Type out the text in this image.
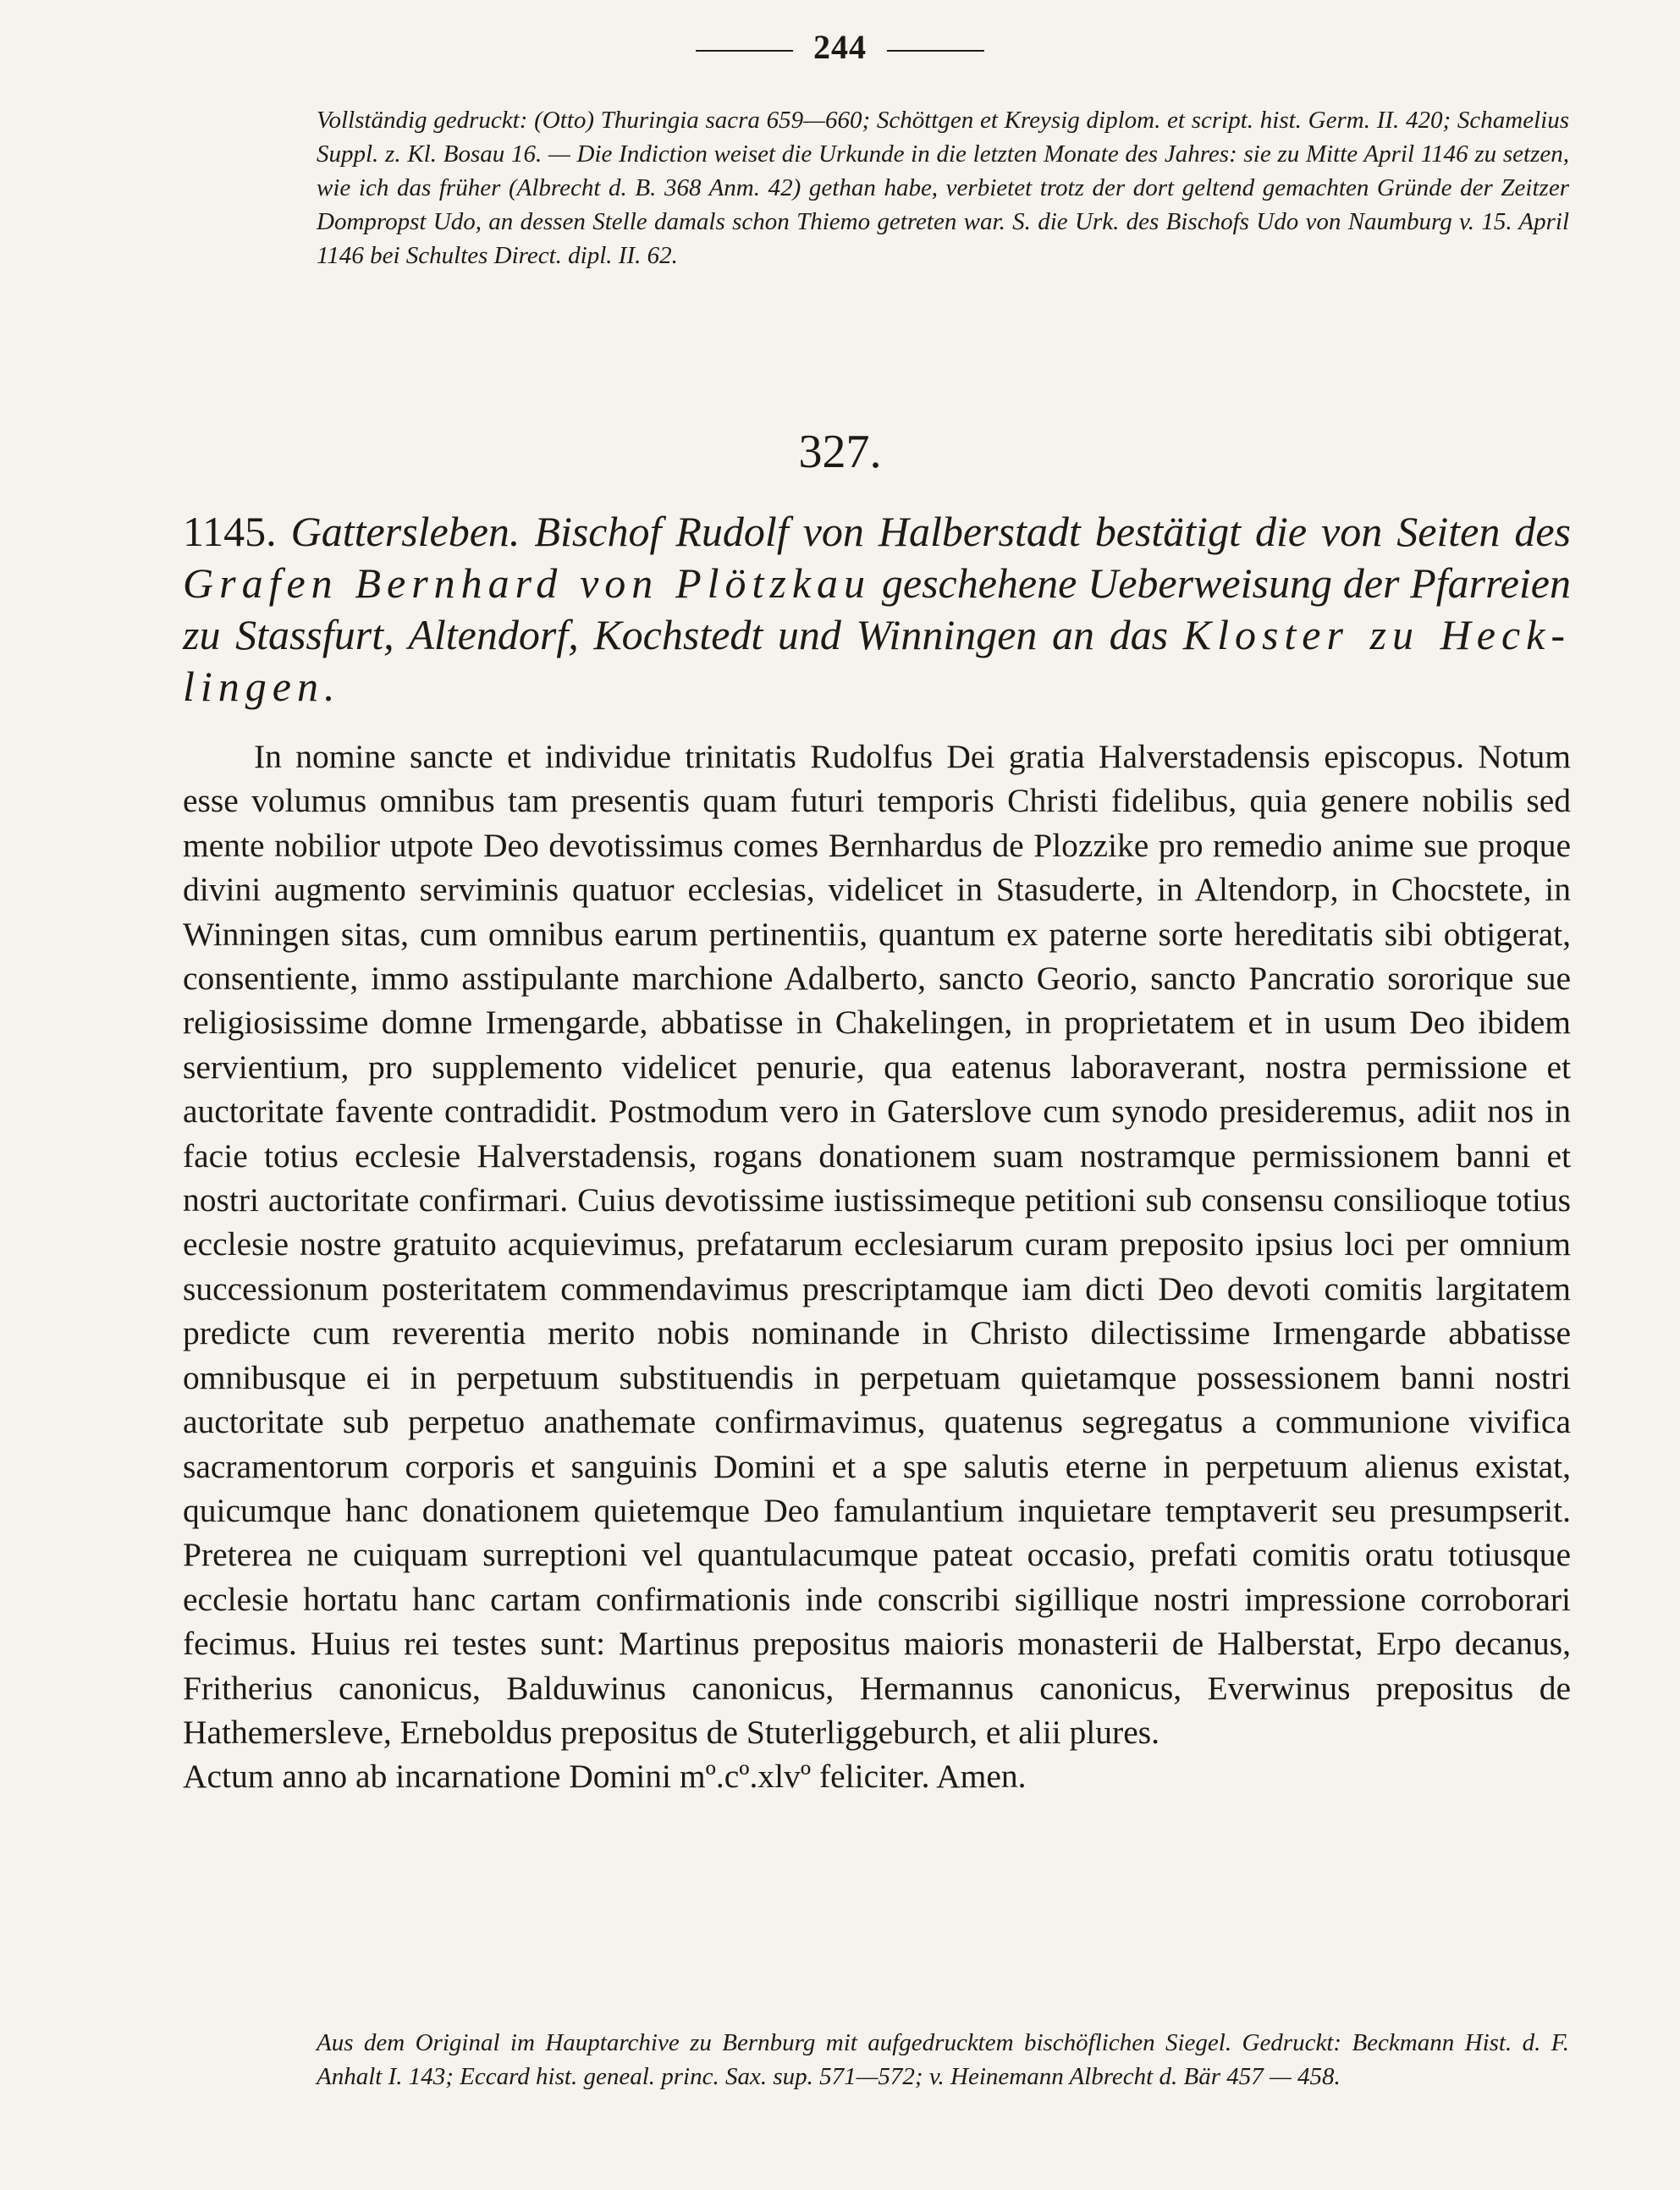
244

Vollständig gedruckt: (Otto) Thuringia sacra 659—660; Schöttgen et Kreysig diplom. et script. hist. Germ. II. 420; Schamelius Suppl. z. Kl. Bosau 16. — Die Indiction weiset die Urkunde in die letzten Monate des Jahres: sie zu Mitte April 1146 zu setzen, wie ich das früher (Albrecht d. B. 368 Anm. 42) gethan habe, verbietet trotz der dort geltend gemachten Gründe der Zeitzer Dompropst Udo, an dessen Stelle damals schon Thiemo getreten war. S. die Urk. des Bischofs Udo von Naumburg v. 15. April 1146 bei Schultes Direct. dipl. II. 62.

327.
1145. Gattersleben. Bischof Rudolf von Halberstadt bestätigt die von Seiten des Grafen Bernhard von Plötzkau geschehene Ueberweisung der Pfarreien zu Stassfurt, Altendorf, Kochstedt und Winningen an das Kloster zu Heck-lingen.

In nomine sancte et individue trinitatis Rudolfus Dei gratia Halverstadensis episcopus. Notum esse volumus omnibus tam presentis quam futuri temporis Christi fidelibus, quia genere nobilis sed mente nobilior utpote Deo devotissimus comes Bernhardus de Plozzike pro remedio anime sue proque divini augmento serviminis quatuor ecclesias, videlicet in Stasuderte, in Altendorp, in Chocstete, in Winningen sitas, cum omnibus earum pertinentiis, quantum ex paterne sorte hereditatis sibi obtigerat, consentiente, immo asstipulante marchione Adalberto, sancto Georio, sancto Pancratio sororique sue religiosissime domne Irmengarde, abbatisse in Chakelingen, in proprietatem et in usum Deo ibidem servientium, pro supplemento videlicet penurie, qua eatenus laboraverant, nostra permissione et auctoritate favente contradidit. Postmodum vero in Gaterslove cum synodo presideremus, adiit nos in facie totius ecclesie Halverstadensis, rogans donationem suam nostramque permissionem banni et nostri auctoritate confirmari. Cuius devotissime iustissimeque petitioni sub consensu consilioque totius ecclesie nostre gratuito acquievimus, prefatarum ecclesiarum curam preposito ipsius loci per omnium successionum posteritatem commendavimus prescriptamque iam dicti Deo devoti comitis largitatem predicte cum reverentia merito nobis nominande in Christo dilectissime Irmengarde abbatisse omnibusque ei in perpetuum substituendis in perpetuam quietamque possessionem banni nostri auctoritate sub perpetuo anathemate confirmavimus, quatenus segregatus a communione vivifica sacramentorum corporis et sanguinis Domini et a spe salutis eterne in perpetuum alienus existat, quicumque hanc donationem quietemque Deo famulantium inquietare temptaverit seu presumpserit. Preterea ne cuiquam surreptioni vel quantulacumque pateat occasio, prefati comitis oratu totiusque ecclesie hortatu hanc cartam confirmationis inde conscribi sigillique nostri impressione corroborari fecimus. Huius rei testes sunt: Martinus prepositus maioris monasterii de Halberstat, Erpo decanus, Fritherius canonicus, Balduwinus canonicus, Hermannus canonicus, Everwinus prepositus de Hathemersleve, Erneboldus prepositus de Stuterliggeburch, et alii plures.

Actum anno ab incarnatione Domini mº.cº.xlvº feliciter. Amen.

Aus dem Original im Hauptarchive zu Bernburg mit aufgedrucktem bischöflichen Siegel. Gedruckt: Beckmann Hist. d. F. Anhalt I. 143; Eccard hist. geneal. princ. Sax. sup. 571—572; v. Heinemann Albrecht d. Bär 457 — 458.
